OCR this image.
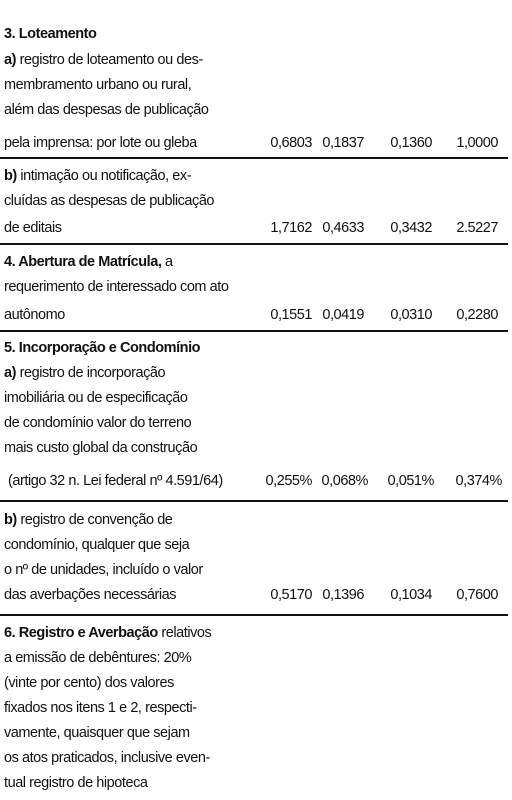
3. Loteamento
a) registro de loteamento ou des-
membramento urbano ou rural,
além das despesas de publicação
pela imprensa: por lote ou gleba	0,6803 0,1837	0,1360	1,0000
b) intimação ou notificação, ex-
cluídas as despesas de publicação
de editais	1,7162 0,4633	0,3432	2.5227
4. Abertura de Matrícula, a
requerimento de interessado com ato
autônomo	0,1551 0,0419	0,0310	0,2280
5. Incorporação e Condomínio
a) registro de incorporação
imobiliária ou de especificação
de condomínio valor do terreno
mais custo global da construção
(artigo 32 n. Lei federal nº 4.591/64)	0,255% 0,068%	0,051%	0,374%
b) registro de convenção de
condomínio, qualquer que seja
o nº de unidades, incluído o valor
das averbações necessárias	0,5170 0,1396	0,1034	0,7600
6. Registro e Averbação relativos
a emissão de debêntures: 20%
(vinte por cento) dos valores
fixados nos itens 1 e 2, respecti-
vamente, quaisquer que sejam
os atos praticados, inclusive even-
tual registro de hipoteca
